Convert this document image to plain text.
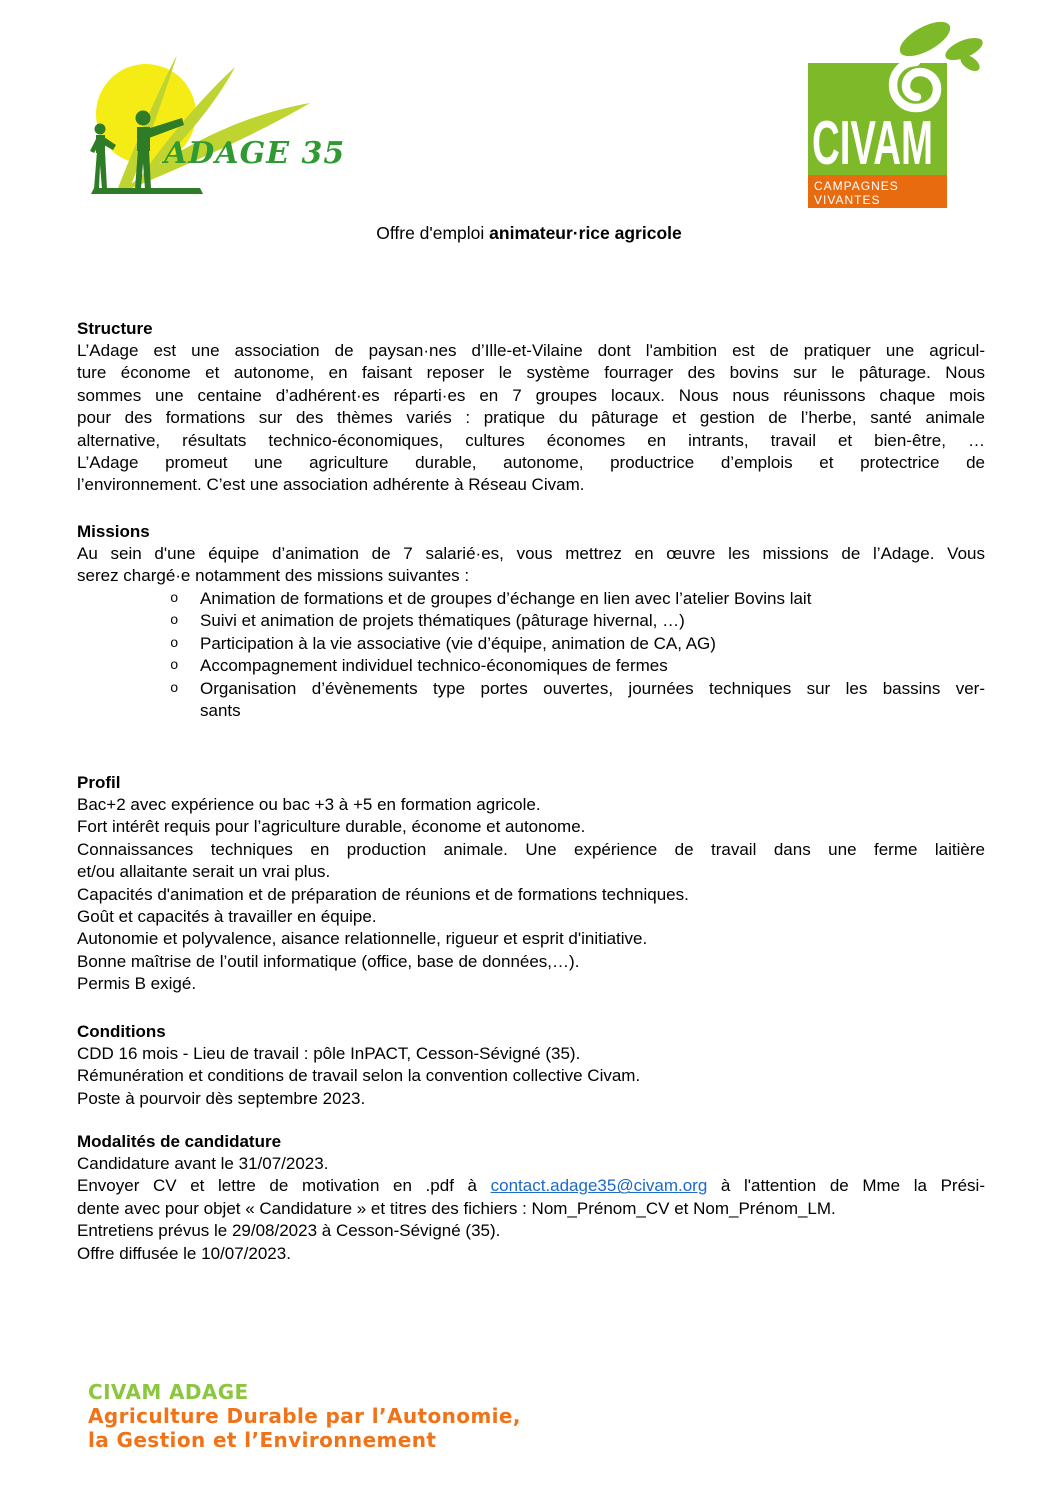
ADAGE 35	CIVAM
CAMPAGNES
VIVANTES
Offre d'emploi animateur·rice agricole
Structure
L’Adage est une association de paysan·nes d’Ille-et-Vilaine dont l'ambition est de pratiquer une agricul-
ture économe et autonome, en faisant reposer le système fourrager des bovins sur le pâturage. Nous
sommes une centaine d’adhérent·es réparti·es en 7 groupes locaux. Nous nous réunissons chaque mois
pour des formations sur des thèmes variés : pratique du pâturage et gestion de l’herbe, santé animale
alternative, résultats technico-économiques, cultures économes en intrants, travail et bien-être, …
L’Adage promeut une agriculture durable, autonome, productrice d’emplois et protectrice de
l’environnement. C’est une association adhérente à Réseau Civam.
Missions
Au sein d'une équipe d’animation de 7 salarié·es, vous mettrez en œuvre les missions de l’Adage. Vous
serez chargé·e notamment des missions suivantes :
o	Animation de formations et de groupes d’échange en lien avec l’atelier Bovins lait
o	Suivi et animation de projets thématiques (pâturage hivernal, …)
o	Participation à la vie associative (vie d’équipe, animation de CA, AG)
o	Accompagnement individuel technico-économiques de fermes
o	Organisation d’évènements type portes ouvertes, journées techniques sur les bassins ver-
sants
Profil
Bac+2 avec expérience ou bac +3 à +5 en formation agricole.
Fort intérêt requis pour l’agriculture durable, économe et autonome.
Connaissances techniques en production animale. Une expérience de travail dans une ferme laitière
et/ou allaitante serait un vrai plus.
Capacités d'animation et de préparation de réunions et de formations techniques.
Goût et capacités à travailler en équipe.
Autonomie et polyvalence, aisance relationnelle, rigueur et esprit d'initiative.
Bonne maîtrise de l’outil informatique (office, base de données,…).
Permis B exigé.
Conditions
CDD 16 mois - Lieu de travail : pôle InPACT, Cesson-Sévigné (35).
Rémunération et conditions de travail selon la convention collective Civam.
Poste à pourvoir dès septembre 2023.
Modalités de candidature
Candidature avant le 31/07/2023.
Envoyer CV et lettre de motivation en .pdf à contact.adage35@civam.org à l'attention de Mme la Prési-
dente avec pour objet « Candidature » et titres des fichiers : Nom_Prénom_CV et Nom_Prénom_LM.
Entretiens prévus le 29/08/2023 à Cesson-Sévigné (35).
Offre diffusée le 10/07/2023.
CIVAM ADAGE
Agriculture Durable par l’Autonomie,
la Gestion et l’Environnement
